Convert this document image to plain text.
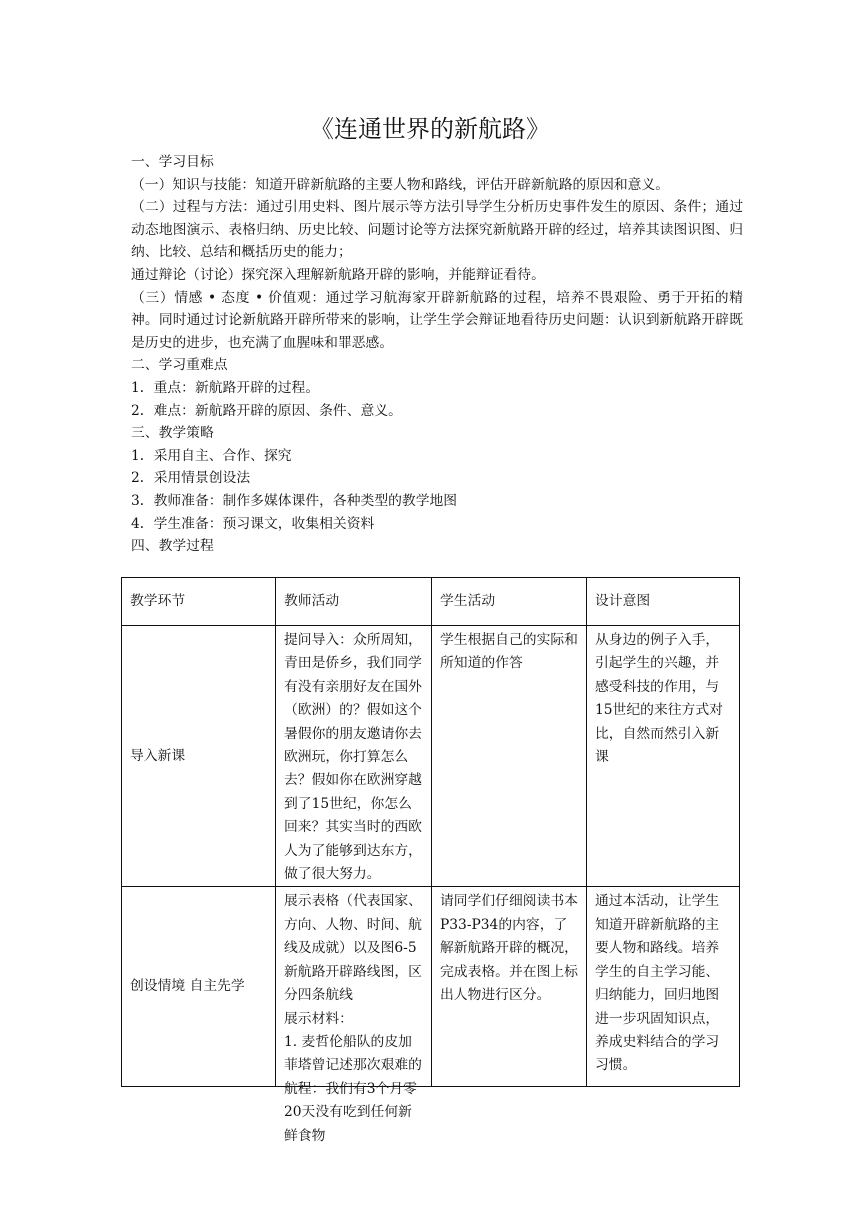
《连通世界的新航路》

一、学习目标

（一）知识与技能：知道开辟新航路的主要人物和路线，评估开辟新航路的原因和意义。

（二）过程与方法：通过引用史料、图片展示等方法引导学生分析历史事件发生的原因、条件；通过动态地图演示、表格归纳、历史比较、问题讨论等方法探究新航路开辟的经过，培养其读图识图、归纳、比较、总结和概括历史的能力；

通过辩论（讨论）探究深入理解新航路开辟的影响，并能辩证看待。

（三）情感 • 态度 • 价值观：通过学习航海家开辟新航路的过程，培养不畏艰险、勇于开拓的精神。同时通过讨论新航路开辟所带来的影响，让学生学会辩证地看待历史问题：认识到新航路开辟既是历史的进步，也充满了血腥味和罪恶感。

二、学习重难点

1．重点：新航路开辟的过程。

2．难点：新航路开辟的原因、条件、意义。

三、教学策略

1．采用自主、合作、探究

2．采用情景创设法

3．教师准备：制作多媒体课件，各种类型的教学地图

4．学生准备：预习课文，收集相关资料

四、教学过程

教学环节	教师活动	学生活动	设计意图
导入新课	提问导入：众所周知，青田是侨乡，我们同学有没有亲朋好友在国外（欧洲）的？假如这个暑假你的朋友邀请你去欧洲玩，你打算怎么去？假如你在欧洲穿越到了15世纪，你怎么回来？其实当时的西欧人为了能够到达东方，做了很大努力。	学生根据自己的实际和所知道的作答	从身边的例子入手，引起学生的兴趣，并感受科技的作用，与15世纪的来往方式对比，自然而然引入新课
创设情境 自主先学	展示表格（代表国家、方向、人物、时间、航线及成就）以及图6-5新航路开辟路线图，区分四条航线
展示材料：
1. 麦哲伦船队的皮加菲塔曾记述那次艰难的航程：我们有3个月零20天没有吃到任何新鲜食物	请同学们仔细阅读书本P33-P34的内容，了解新航路开辟的概况，完成表格。并在图上标出人物进行区分。	通过本活动，让学生知道开辟新航路的主要人物和路线。培养学生的自主学习能、归纳能力，回归地图进一步巩固知识点，养成史料结合的学习习惯。
